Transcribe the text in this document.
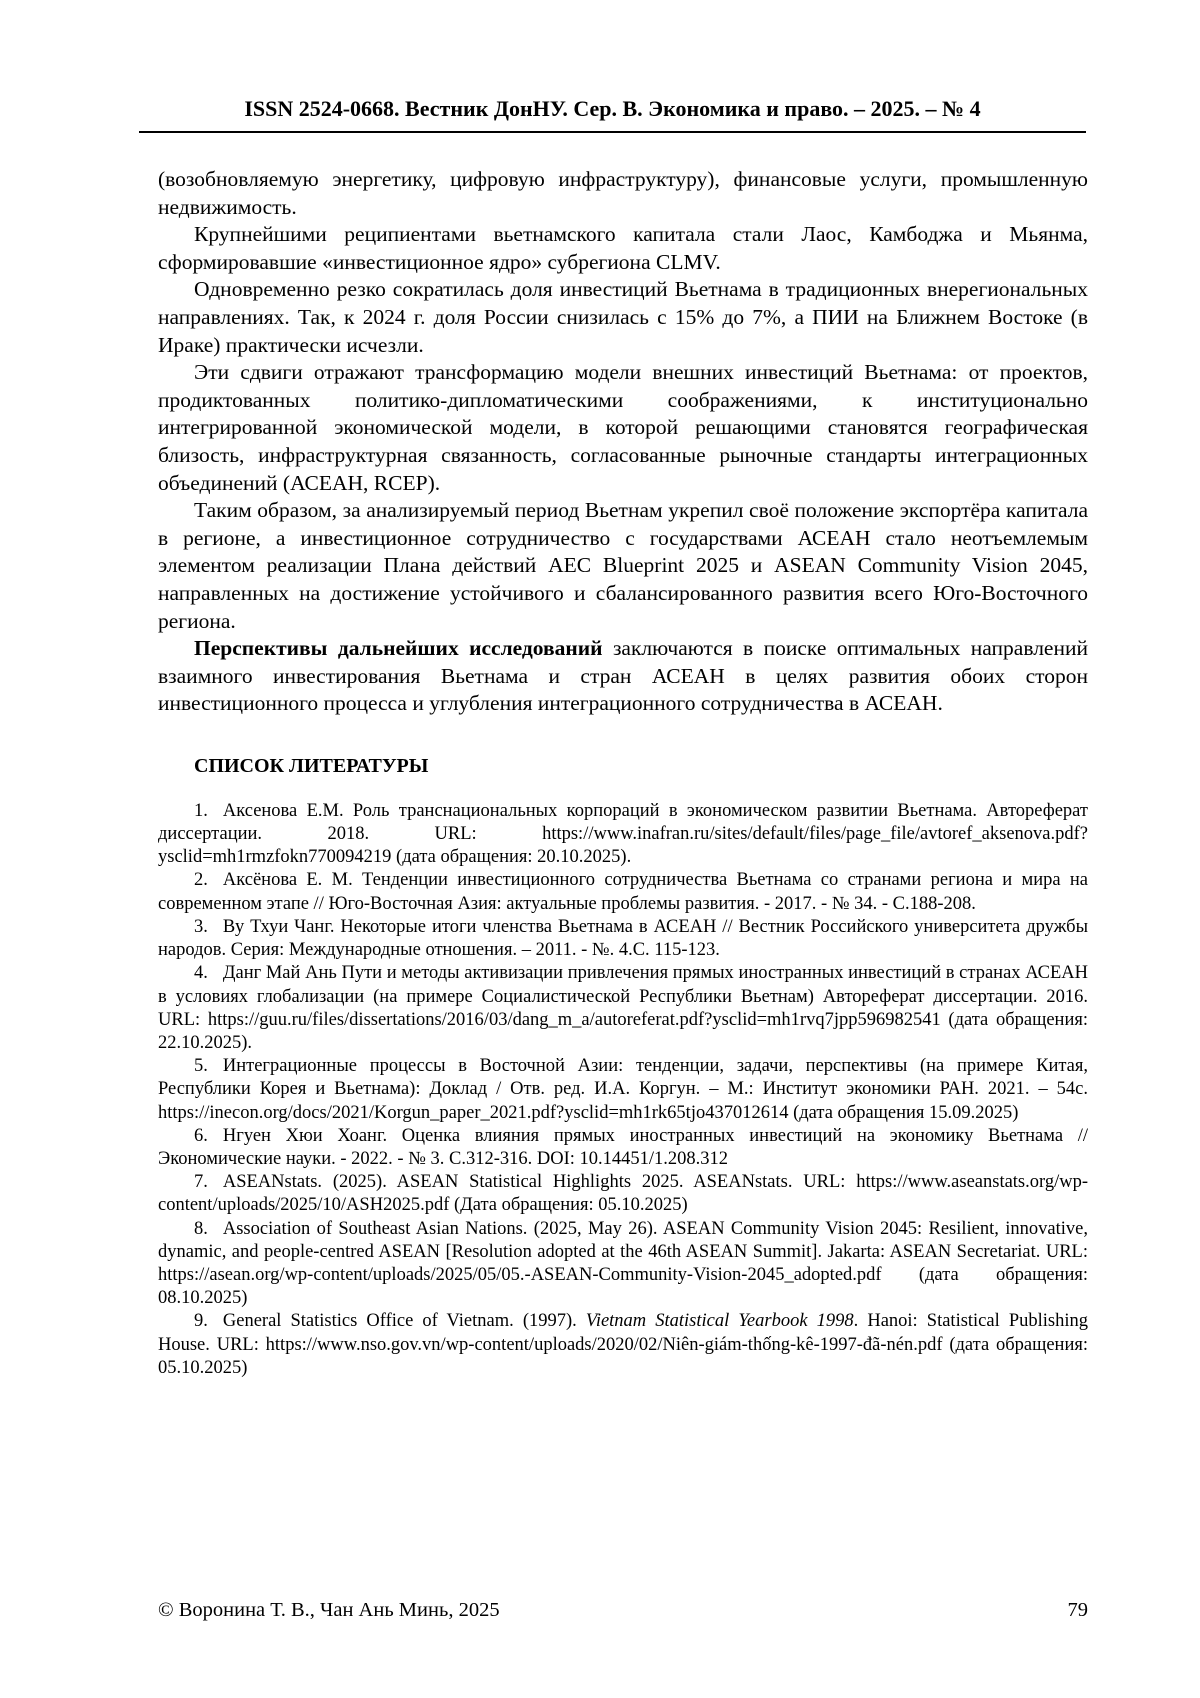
ISSN 2524-0668. Вестник ДонНУ. Сер. В. Экономика и право. – 2025. – № 4

(возобновляемую энергетику, цифровую инфраструктуру), финансовые услуги, промышленную недвижимость.

Крупнейшими реципиентами вьетнамского капитала стали Лаос, Камбоджа и Мьянма, сформировавшие «инвестиционное ядро» субрегиона CLMV.

Одновременно резко сократилась доля инвестиций Вьетнама в традиционных внерегиональных направлениях. Так, к 2024 г. доля России снизилась с 15% до 7%, а ПИИ на Ближнем Востоке (в Ираке) практически исчезли.

Эти сдвиги отражают трансформацию модели внешних инвестиций Вьетнама: от проектов, продиктованных политико-дипломатическими соображениями, к институционально интегрированной экономической модели, в которой решающими становятся географическая близость, инфраструктурная связанность, согласованные рыночные стандарты интеграционных объединений (АСЕАН, RCEP).

Таким образом, за анализируемый период Вьетнам укрепил своё положение экспортёра капитала в регионе, а инвестиционное сотрудничество с государствами АСЕАН стало неотъемлемым элементом реализации Плана действий AEC Blueprint 2025 и ASEAN Community Vision 2045, направленных на достижение устойчивого и сбалансированного развития всего Юго-Восточного региона.

Перспективы дальнейших исследований заключаются в поиске оптимальных направлений взаимного инвестирования Вьетнама и стран АСЕАН в целях развития обоих сторон инвестиционного процесса и углубления интеграционного сотрудничества в АСЕАН.

СПИСОК ЛИТЕРАТУРЫ

1. Аксенова Е.М. Роль транснациональных корпораций в экономическом развитии Вьетнама. Автореферат диссертации. 2018. URL: https://www.inafran.ru/sites/default/files/page_file/avtoref_aksenova.pdf?ysclid=mh1rmzfokn770094219 (дата обращения: 20.10.2025).

2. Аксёнова Е. М. Тенденции инвестиционного сотрудничества Вьетнама со странами региона и мира на современном этапе // Юго-Восточная Азия: актуальные проблемы развития. - 2017. - № 34. - С.188-208.

3. Ву Тхуи Чанг. Некоторые итоги членства Вьетнама в АСЕАН // Вестник Российского университета дружбы народов. Серия: Международные отношения. – 2011. - №. 4.С. 115-123.

4. Данг Май Ань Пути и методы активизации привлечения прямых иностранных инвестиций в странах АСЕАН в условиях глобализации (на примере Социалистической Республики Вьетнам) Автореферат диссертации. 2016. URL: https://guu.ru/files/dissertations/2016/03/dang_m_a/autoreferat.pdf?ysclid=mh1rvq7jpp596982541 (дата обращения: 22.10.2025).

5. Интеграционные процессы в Восточной Азии: тенденции, задачи, перспективы (на примере Китая, Республики Корея и Вьетнама): Доклад / Отв. ред. И.А. Коргун. – М.: Институт экономики РАН. 2021. – 54с. https://inecon.org/docs/2021/Korgun_paper_2021.pdf?ysclid=mh1rk65tjo437012614 (дата обращения 15.09.2025)

6. Нгуен Хюи Хоанг. Оценка влияния прямых иностранных инвестиций на экономику Вьетнама // Экономические науки. - 2022. - № 3. С.312-316. DOI: 10.14451/1.208.312

7. ASEANstats. (2025). ASEAN Statistical Highlights 2025. ASEANstats. URL: https://www.aseanstats.org/wp-content/uploads/2025/10/ASH2025.pdf (Дата обращения: 05.10.2025)

8. Association of Southeast Asian Nations. (2025, May 26). ASEAN Community Vision 2045: Resilient, innovative, dynamic, and people-centred ASEAN [Resolution adopted at the 46th ASEAN Summit]. Jakarta: ASEAN Secretariat. URL: https://asean.org/wp-content/uploads/2025/05/05.-ASEAN-Community-Vision-2045_adopted.pdf (дата обращения: 08.10.2025)

9. General Statistics Office of Vietnam. (1997). Vietnam Statistical Yearbook 1998. Hanoi: Statistical Publishing House. URL: https://www.nso.gov.vn/wp-content/uploads/2020/02/Niên-giám-thống-kê-1997-đã-nén.pdf (дата обращения: 05.10.2025)

© Воронина Т. В., Чан Ань Минь, 2025	79
